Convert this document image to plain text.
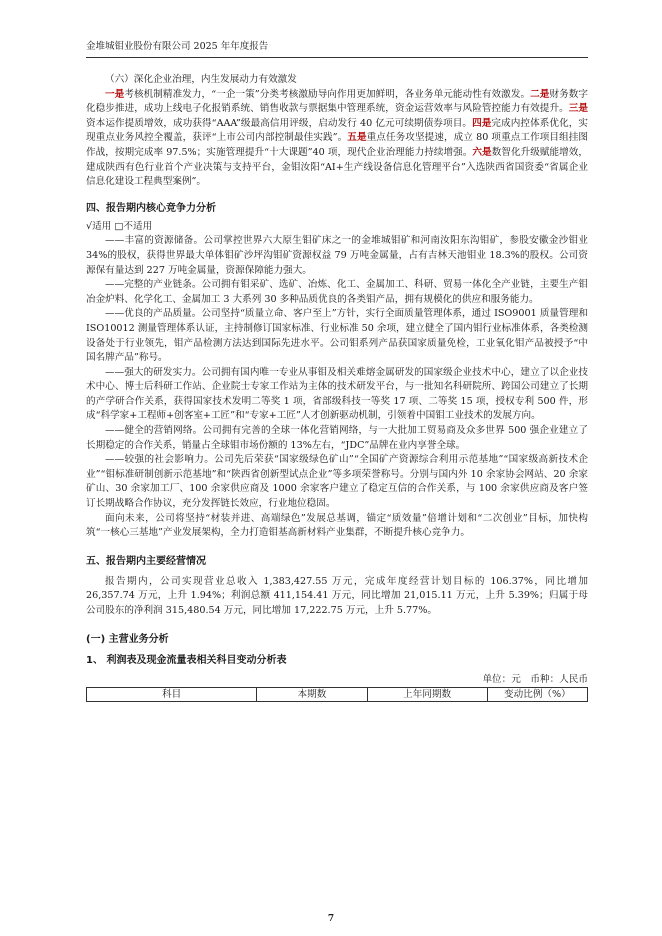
金堆城钼业股份有限公司 2025 年年度报告

（六）深化企业治理，内生发展动力有效激发

一是考核机制精准发力，“一企一策”分类考核激励导向作用更加鲜明，各业务单元能动性有效激发。二是财务数字化稳步推进，成功上线电子化报销系统、销售收款与票据集中管理系统，资金运营效率与风险管控能力有效提升。三是资本运作提质增效，成功获得“AAA”级最高信用评级，启动发行 40 亿元可续期债券项目。四是完成内控体系优化，实现重点业务风控全覆盖，获评“上市公司内部控制最佳实践”。五是重点任务攻坚提速，成立 80 项重点工作项目组挂图作战，按期完成率 97.5%；实施管理提升“十大课题”40 项，现代企业治理能力持续增强。六是数智化升级赋能增效，建成陕西有色行业首个产业决策与支持平台，金钼汝阳“AI+生产线设备信息化管理平台”入选陕西省国资委“省属企业信息化建设工程典型案例”。

四、报告期内核心竞争力分析

√适用 □不适用

——丰富的资源储备。公司掌控世界六大原生钼矿床之一的金堆城钼矿和河南汝阳东沟钼矿，参股安徽金沙钼业 34%的股权，获得世界最大单体钼矿沙坪沟钼矿资源权益 79 万吨金属量，占有吉林天池钼业 18.3%的股权。公司资源保有量达到 227 万吨金属量，资源保障能力强大。

——完整的产业链条。公司拥有钼采矿、选矿、冶炼、化工、金属加工、科研、贸易一体化全产业链，主要生产钼冶金炉料、化学化工、金属加工 3 大系列 30 多种品质优良的各类钼产品，拥有规模化的供应和服务能力。

——优良的产品质量。公司坚持“质量立命、客户至上”方针，实行全面质量管理体系，通过 ISO9001 质量管理和 ISO10012 测量管理体系认证，主持制修订国家标准、行业标准 50 余项，建立健全了国内钼行业标准体系，各类检测设备处于行业领先，钼产品检测方法达到国际先进水平。公司钼系列产品获国家质量免检，工业氧化钼产品被授予“中国名牌产品”称号。

——强大的研发实力。公司拥有国内唯一专业从事钼及相关难熔金属研发的国家级企业技术中心，建立了以企业技术中心、博士后科研工作站、企业院士专家工作站为主体的技术研发平台，与一批知名科研院所、跨国公司建立了长期的产学研合作关系，获得国家技术发明二等奖 1 项，省部级科技一等奖 17 项、二等奖 15 项，授权专利 500 件，形成“科学家+工程师+创客室+工匠”和“专家+工匠”人才创新驱动机制，引领着中国钼工业技术的发展方向。

——健全的营销网络。公司拥有完善的全球一体化营销网络，与一大批加工贸易商及众多世界 500 强企业建立了长期稳定的合作关系，销量占全球钼市场份额的 13%左右，“JDC”品牌在业内享誉全球。

——较强的社会影响力。公司先后荣获“国家级绿色矿山”“全国矿产资源综合利用示范基地”“国家级高新技术企业”“钼标准研制创新示范基地”和“陕西省创新型试点企业”等多项荣誉称号。分别与国内外 10 余家协会网站、20 余家矿山、30 余家加工厂、100 余家供应商及 1000 余家客户建立了稳定互信的合作关系，与 100 余家供应商及客户签订长期战略合作协议，充分发挥链长效应，行业地位稳固。

面向未来，公司将坚持“材装并进、高端绿色”发展总基调，锚定“质效量”倍增计划和“二次创业”目标，加快构筑“一核心三基地”产业发展架构，全力打造钼基高新材料产业集群，不断提升核心竞争力。

五、报告期内主要经营情况

报告期内，公司实现营业总收入 1,383,427.55 万元，完成年度经营计划目标的 106.37%，同比增加 26,357.74 万元，上升 1.94%；利润总额 411,154.41 万元，同比增加 21,015.11 万元，上升 5.39%；归属于母公司股东的净利润 315,480.54 万元，同比增加 17,222.75 万元，上升 5.77%。

(一) 主营业务分析

1、 利润表及现金流量表相关科目变动分析表

单位：元　币种：人民币

科目	本期数	上年同期数	变动比例（%）
7
